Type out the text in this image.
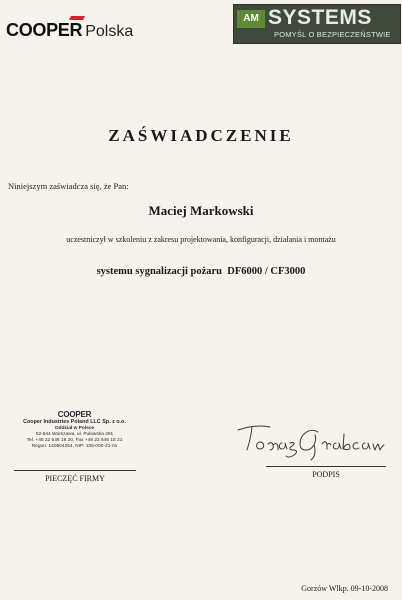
COOPER Polska
AM SYSTEMS
POMYŚL O BEZPIECZEŃSTWIE
ZAŚWIADCZENIE
Niniejszym zaświadcza się, że Pan:
Maciej Markowski
uczestniczył w szkoleniu z zakresu projektowania, konfiguracji, działania i montażu
systemu sygnalizacji pożaru  DF6000 / CF3000
COOPER
Cooper Industries Poland LLC Sp. z o.o.
Oddział w Polsce
02-844 Warszawa, ul. Puławska 491
Tel. +48 22 546 18 20, Fax +48 22 546 18 21
Regon: 140604264, NIP: 108-000-21-01
PIECZĘĆ FIRMY	PODPIS
Gorzów Wlkp. 09-10-2008
